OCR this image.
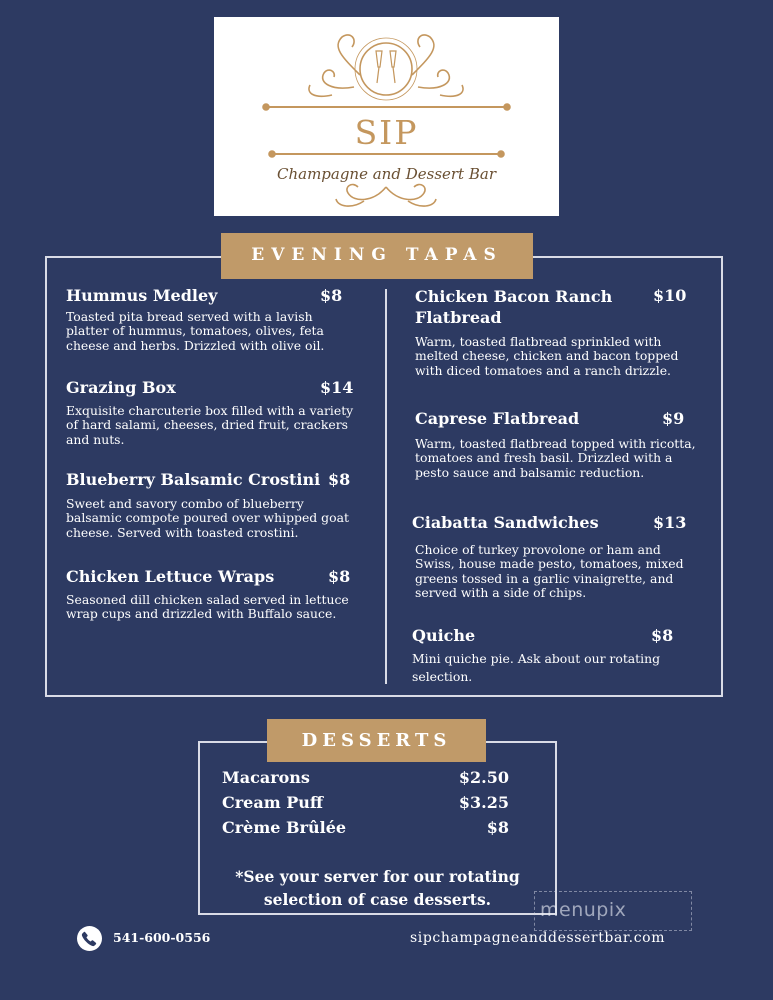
SIP
Champagne and Dessert Bar
EVENING TAPAS
Hummus Medley	$8
Toasted pita bread served with a lavish platter of hummus, tomatoes, olives, feta cheese and herbs. Drizzled with olive oil.
Grazing Box	$14
Exquisite charcuterie box filled with a variety of hard salami, cheeses, dried fruit, crackers and nuts.
Blueberry Balsamic Crostini $8
Sweet and savory combo of blueberry balsamic compote poured over whipped goat cheese. Served with toasted crostini.
Chicken Lettuce Wraps	$8
Seasoned dill chicken salad served in lettuce wrap cups and drizzled with Buffalo sauce.
Chicken Bacon Ranch Flatbread
$10
Warm, toasted flatbread sprinkled with melted cheese, chicken and bacon topped with diced tomatoes and a ranch drizzle.
Caprese Flatbread	$9
Warm, toasted flatbread topped with ricotta, tomatoes and fresh basil. Drizzled with a pesto sauce and balsamic reduction.
Ciabatta Sandwiches	$13
Choice of turkey provolone or ham and Swiss, house made pesto, tomatoes, mixed greens tossed in a garlic vinaigrette, and served with a side of chips.
Quiche	$8
Mini quiche pie. Ask about our rotating selection.
DESSERTS
Macarons	$2.50
Cream Puff	$3.25
Crème Brûlée	$8
*See your server for our rotating selection of case desserts.
541-600-0556	sipchampagneanddessertbar.com
menupix
